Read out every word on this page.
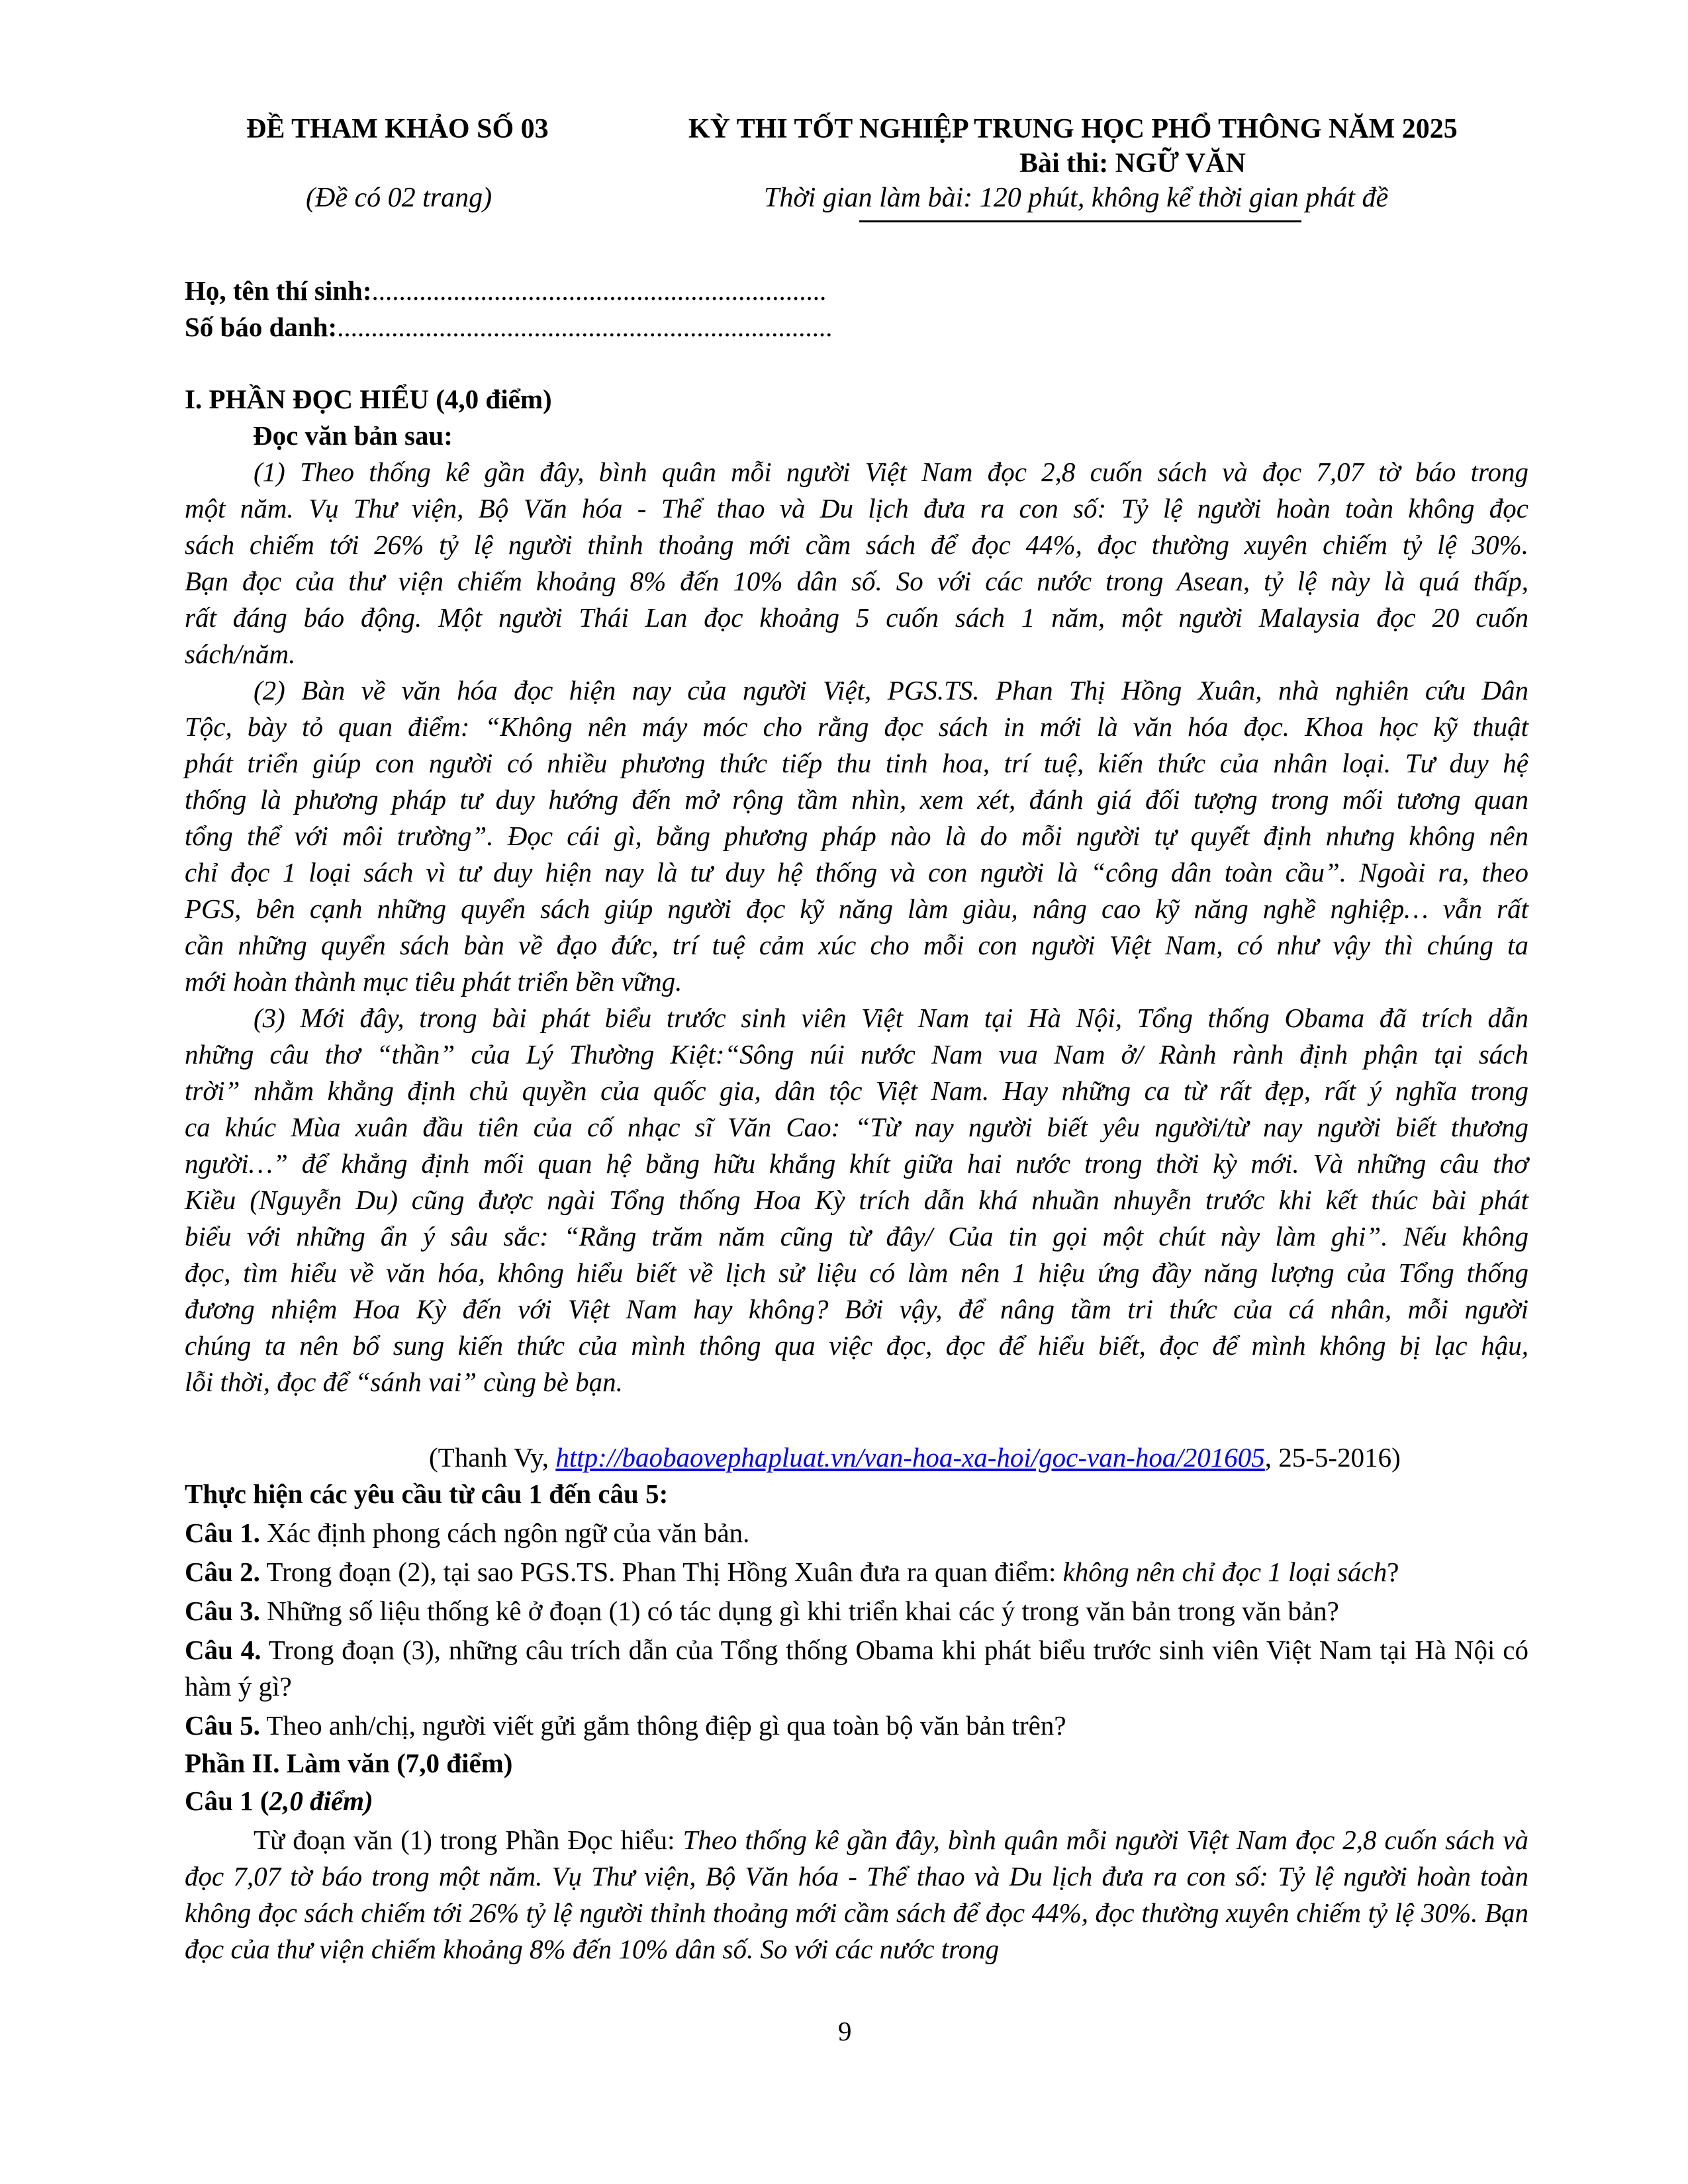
ĐỀ THAM KHẢO SỐ 03
(Đề có 02 trang)
KỲ THI TỐT NGHIỆP TRUNG HỌC PHỔ THÔNG NĂM 2025
Bài thi: NGỮ VĂN
Thời gian làm bài: 120 phút, không kể thời gian phát đề
Họ, tên thí sinh:...................................................................
Số báo danh:.........................................................................
I. PHẦN ĐỌC HIỂU (4,0 điểm)
Đọc văn bản sau:
(1) Theo thống kê gần đây, bình quân mỗi người Việt Nam đọc 2,8 cuốn sách và đọc 7,07 tờ báo trong
một năm. Vụ Thư viện, Bộ Văn hóa - Thể thao và Du lịch đưa ra con số: Tỷ lệ người hoàn toàn không đọc
sách chiếm tới 26% tỷ lệ người thỉnh thoảng mới cầm sách để đọc 44%, đọc thường xuyên chiếm tỷ lệ 30%.
Bạn đọc của thư viện chiếm khoảng 8% đến 10% dân số. So với các nước trong Asean, tỷ lệ này là quá thấp,
rất đáng báo động. Một người Thái Lan đọc khoảng 5 cuốn sách 1 năm, một người Malaysia đọc 20 cuốn
sách/năm.
(2) Bàn về văn hóa đọc hiện nay của người Việt, PGS.TS. Phan Thị Hồng Xuân, nhà nghiên cứu Dân
Tộc, bày tỏ quan điểm: “Không nên máy móc cho rằng đọc sách in mới là văn hóa đọc. Khoa học kỹ thuật
phát triển giúp con người có nhiều phương thức tiếp thu tinh hoa, trí tuệ, kiến thức của nhân loại. Tư duy hệ
thống là phương pháp tư duy hướng đến mở rộng tầm nhìn, xem xét, đánh giá đối tượng trong mối tương quan
tổng thể với môi trường”. Đọc cái gì, bằng phương pháp nào là do mỗi người tự quyết định nhưng không nên
chỉ đọc 1 loại sách vì tư duy hiện nay là tư duy hệ thống và con người là “công dân toàn cầu”. Ngoài ra, theo
PGS, bên cạnh những quyển sách giúp người đọc kỹ năng làm giàu, nâng cao kỹ năng nghề nghiệp… vẫn rất
cần những quyển sách bàn về đạo đức, trí tuệ cảm xúc cho mỗi con người Việt Nam, có như vậy thì chúng ta
mới hoàn thành mục tiêu phát triển bền vững.
(3) Mới đây, trong bài phát biểu trước sinh viên Việt Nam tại Hà Nội, Tổng thống Obama đã trích dẫn
những câu thơ “thần” của Lý Thường Kiệt:“Sông núi nước Nam vua Nam ở/ Rành rành định phận tại sách
trời” nhằm khẳng định chủ quyền của quốc gia, dân tộc Việt Nam. Hay những ca từ rất đẹp, rất ý nghĩa trong
ca khúc Mùa xuân đầu tiên của cố nhạc sĩ Văn Cao: “Từ nay người biết yêu người/từ nay người biết thương
người…” để khẳng định mối quan hệ bằng hữu khắng khít giữa hai nước trong thời kỳ mới. Và những câu thơ
Kiều (Nguyễn Du) cũng được ngài Tổng thống Hoa Kỳ trích dẫn khá nhuần nhuyễn trước khi kết thúc bài phát
biểu với những ẩn ý sâu sắc: “Rằng trăm năm cũng từ đây/ Của tin gọi một chút này làm ghi”. Nếu không
đọc, tìm hiểu về văn hóa, không hiểu biết về lịch sử liệu có làm nên 1 hiệu ứng đầy năng lượng của Tổng thống
đương nhiệm Hoa Kỳ đến với Việt Nam hay không? Bởi vậy, để nâng tầm tri thức của cá nhân, mỗi người
chúng ta nên bổ sung kiến thức của mình thông qua việc đọc, đọc để hiểu biết, đọc để mình không bị lạc hậu,
lỗi thời, đọc để “sánh vai” cùng bè bạn.
(Thanh Vy, http://baobaovephapluat.vn/van-hoa-xa-hoi/goc-van-hoa/201605, 25-5-2016)

Thực hiện các yêu cầu từ câu 1 đến câu 5:

Câu 1. Xác định phong cách ngôn ngữ của văn bản.

Câu 2. Trong đoạn (2), tại sao PGS.TS. Phan Thị Hồng Xuân đưa ra quan điểm: không nên chỉ đọc 1 loại sách?

Câu 3. Những số liệu thống kê ở đoạn (1) có tác dụng gì khi triển khai các ý trong văn bản trong văn bản?

Câu 4. Trong đoạn (3), những câu trích dẫn của Tổng thống Obama khi phát biểu trước sinh viên Việt Nam tại Hà Nội có hàm ý gì?

Câu 5. Theo anh/chị, người viết gửi gắm thông điệp gì qua toàn bộ văn bản trên?

Phần II. Làm văn (7,0 điểm)

Câu 1 (2,0 điểm)

Từ đoạn văn (1) trong Phần Đọc hiểu: Theo thống kê gần đây, bình quân mỗi người Việt Nam đọc 2,8 cuốn sách và đọc 7,07 tờ báo trong một năm. Vụ Thư viện, Bộ Văn hóa - Thể thao và Du lịch đưa ra con số: Tỷ lệ người hoàn toàn không đọc sách chiếm tới 26% tỷ lệ người thỉnh thoảng mới cầm sách để đọc 44%, đọc thường xuyên chiếm tỷ lệ 30%. Bạn đọc của thư viện chiếm khoảng 8% đến 10% dân số. So với các nước trong

9
